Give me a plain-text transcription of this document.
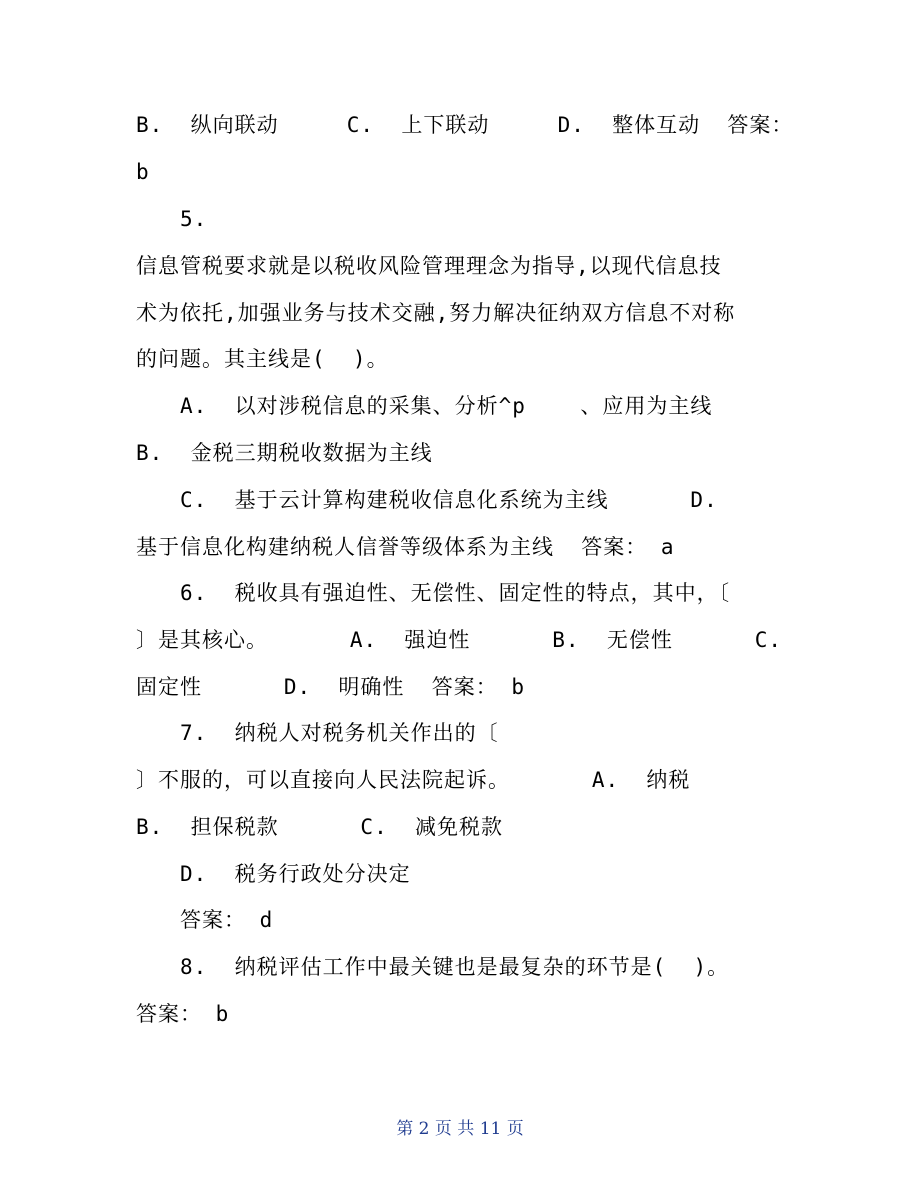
B.  纵向联动     C.  上下联动     D.  整体互动  答案：
b
5.
信息管税要求就是以税收风险管理理念为指导,以现代信息技
术为依托,加强业务与技术交融,努力解决征纳双方信息不对称
的问题。其主线是(  )。
A.  以对涉税信息的采集、分析^p    、应用为主线
B.  金税三期税收数据为主线
C.  基于云计算构建税收信息化系统为主线      D.
基于信息化构建纳税人信誉等级体系为主线  答案： a
6.  税收具有强迫性、无偿性、固定性的特点，其中，〔
〕是其核心。      A.  强迫性      B.  无偿性      C.
固定性      D.  明确性  答案： b
7.  纳税人对税务机关作出的〔
〕不服的，可以直接向人民法院起诉。      A.  纳税
B.  担保税款      C.  减免税款
D.  税务行政处分决定
答案： d
8.  纳税评估工作中最关键也是最复杂的环节是(  )。
答案： b
第 2 页 共 11 页
